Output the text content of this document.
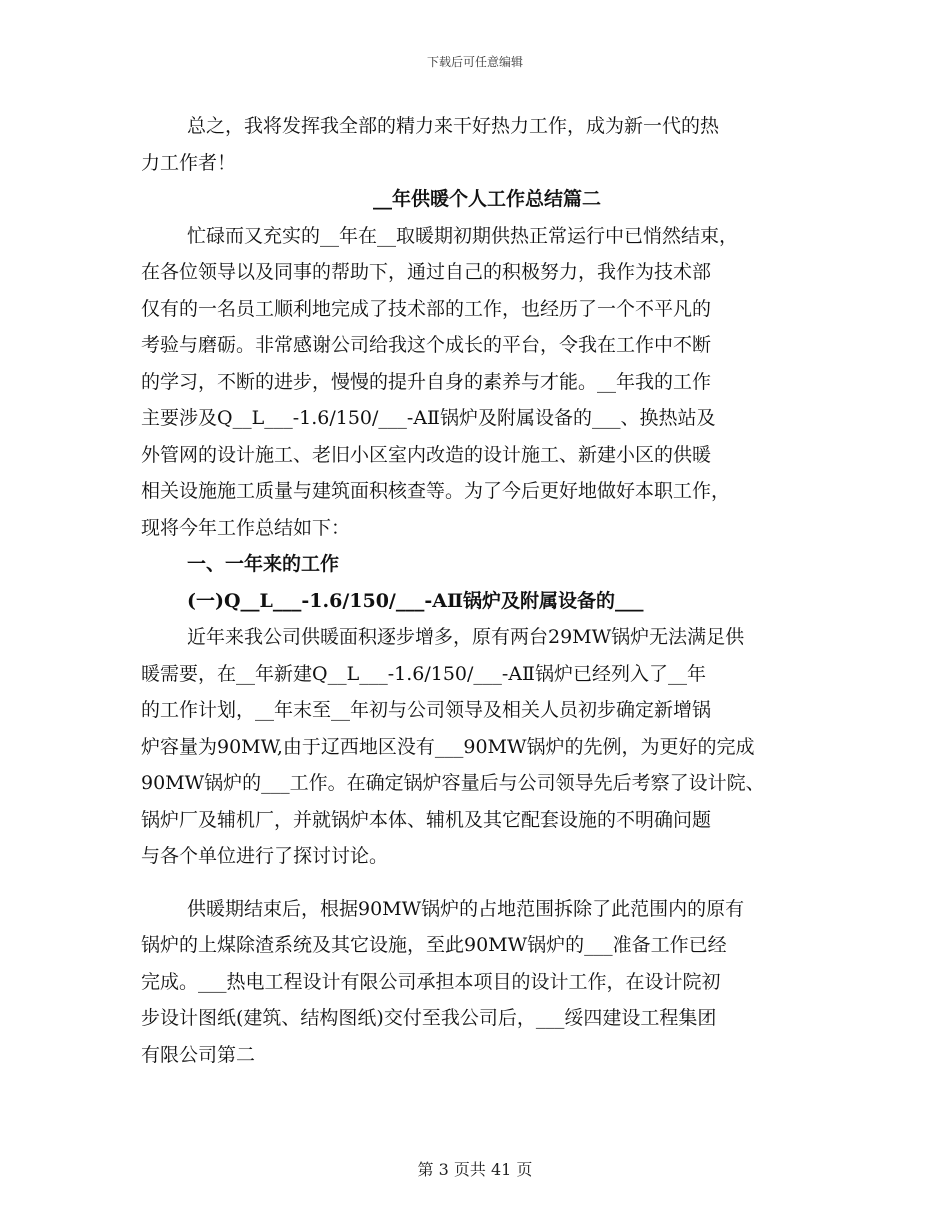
下载后可任意编辑
总之，我将发挥我全部的精力来干好热力工作，成为新一代的热
力工作者！
__年供暖个人工作总结篇二
忙碌而又充实的__年在__取暖期初期供热正常运行中已悄然结束，
在各位领导以及同事的帮助下，通过自己的积极努力，我作为技术部
仅有的一名员工顺利地完成了技术部的工作，也经历了一个不平凡的
考验与磨砺。非常感谢公司给我这个成长的平台，令我在工作中不断
的学习，不断的进步，慢慢的提升自身的素养与才能。__年我的工作
主要涉及Q__L___-1.6/150/___-AⅡ锅炉及附属设备的___、换热站及
外管网的设计施工、老旧小区室内改造的设计施工、新建小区的供暖
相关设施施工质量与建筑面积核查等。为了今后更好地做好本职工作，
现将今年工作总结如下：
一、一年来的工作
(一)Q__L___-1.6/150/___-AⅡ锅炉及附属设备的___
近年来我公司供暖面积逐步增多，原有两台29MW锅炉无法满足供
暖需要，在__年新建Q__L___-1.6/150/___-AⅡ锅炉已经列入了__年
的工作计划，__年末至__年初与公司领导及相关人员初步确定新增锅
炉容量为90MW,由于辽西地区没有___90MW锅炉的先例，为更好的完成
90MW锅炉的___工作。在确定锅炉容量后与公司领导先后考察了设计院、
锅炉厂及辅机厂，并就锅炉本体、辅机及其它配套设施的不明确问题
与各个单位进行了探讨讨论。
供暖期结束后，根据90MW锅炉的占地范围拆除了此范围内的原有
锅炉的上煤除渣系统及其它设施，至此90MW锅炉的___准备工作已经
完成。___热电工程设计有限公司承担本项目的设计工作，在设计院初
步设计图纸(建筑、结构图纸)交付至我公司后，___绥四建设工程集团
有限公司第二
第 3 页共 41 页
